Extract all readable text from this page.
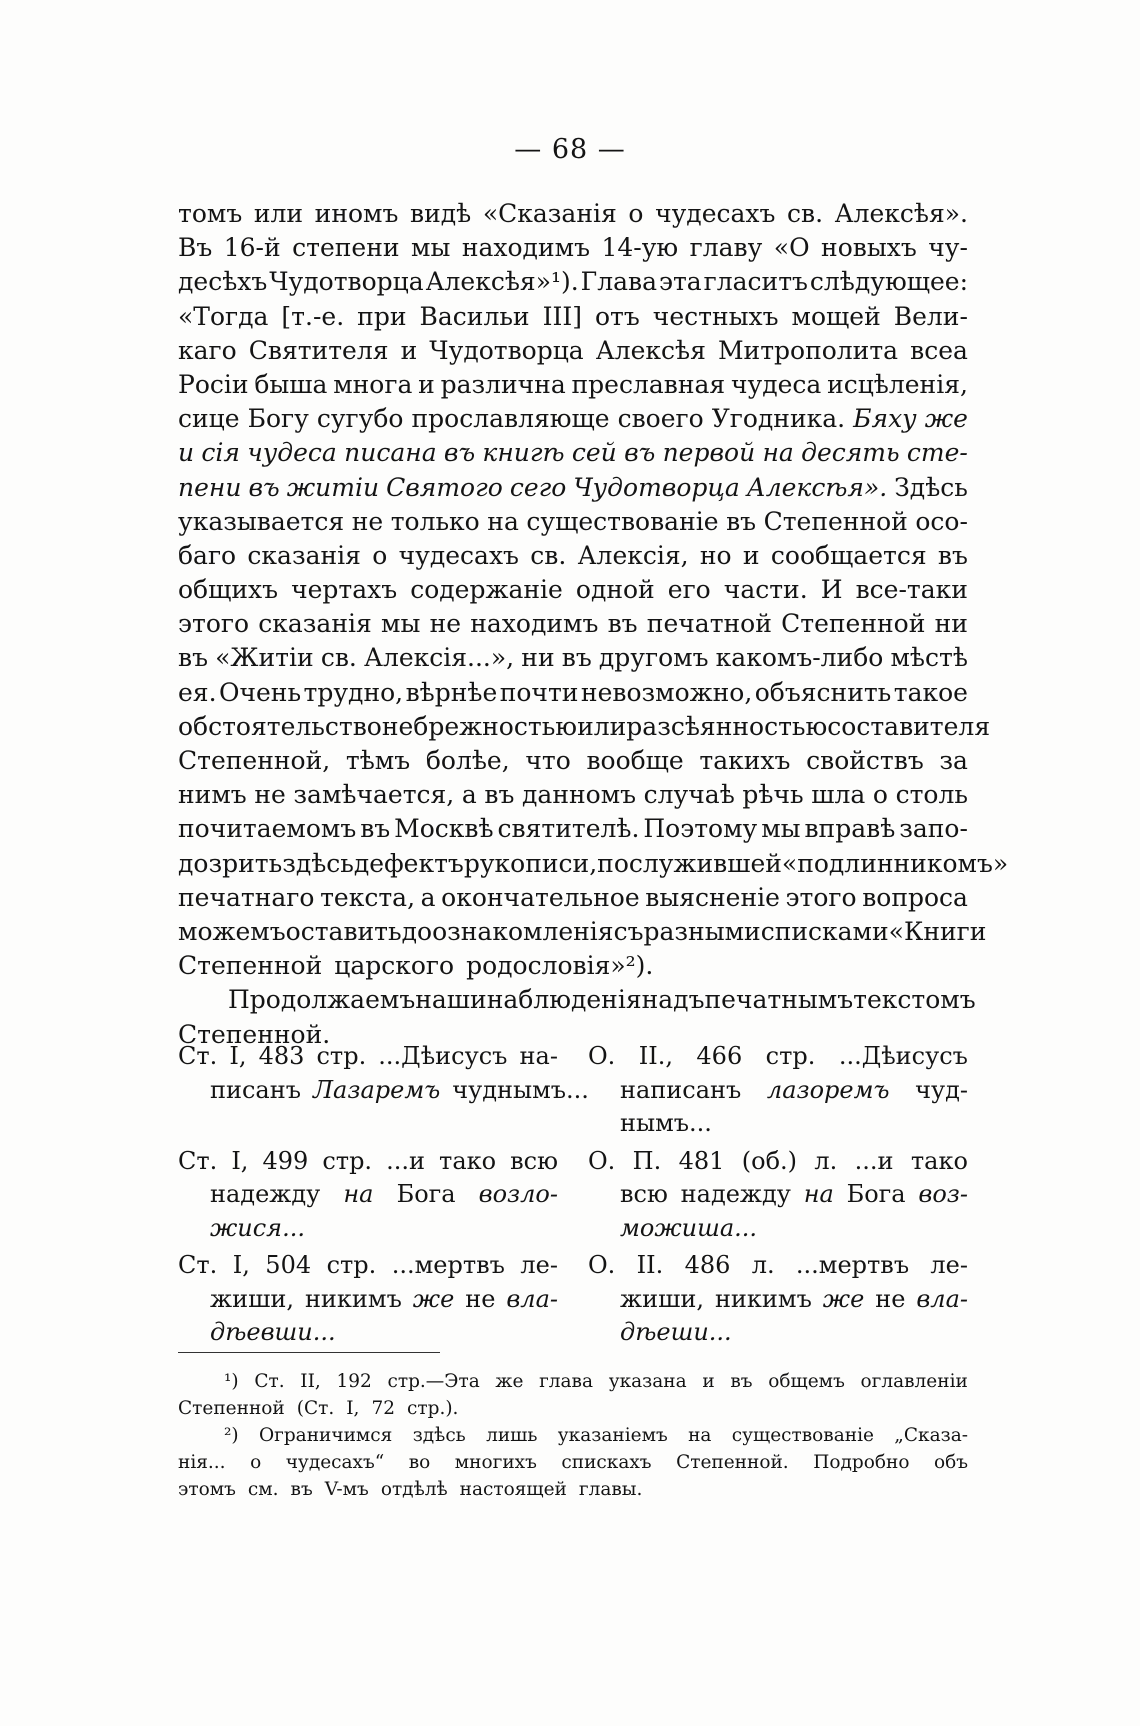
— 68 —
томъ или иномъ видѣ «Сказанія о чудесахъ св. Алексѣя».
Въ 16-й степени мы находимъ 14-ую главу «О новыхъ чу-
десѣхъ Чудотворца Алексѣя»¹). Глава эта гласитъ слѣдующее:
«Тогда [т.-е. при Васильи III] отъ честныхъ мощей Вели-
каго Святителя и Чудотворца Алексѣя Митрополита всеа
Росіи быша многа и различна преславная чудеса исцѣленія,
сице Богу сугубо прославляюще своего Угодника. Бяху же
и сія чудеса писана въ книгѣ сей въ первой на десять сте-
пени въ житіи Святого сего Чудотворца Алексѣя». Здѣсь
указывается не только на существованіе въ Степенной осо-
баго сказанія о чудесахъ св. Алексія, но и сообщается въ
общихъ чертахъ содержаніе одной его части. И все-таки
этого сказанія мы не находимъ въ печатной Степенной ни
въ «Житіи св. Алексія...», ни въ другомъ какомъ-либо мѣстѣ
ея. Очень трудно, вѣрнѣе почти невозможно, объяснить такое
обстоятельство небрежностью или разсѣянностью составителя
Степенной, тѣмъ болѣе, что вообще такихъ свойствъ за
нимъ не замѣчается, а въ данномъ случаѣ рѣчь шла о столь
почитаемомъ въ Москвѣ святителѣ. Поэтому мы вправѣ запо-
дозрить здѣсь дефектъ рукописи, послужившей «подлинникомъ»
печатнаго текста, а окончательное выясненіе этого вопроса
можемъ оставить до ознакомленія съ разными списками «Книги
Степенной царского родословія»²).
Продолжаемъ наши наблюденія надъ печатнымъ текстомъ
Степенной.
Ст. I, 483 стр. ...Дѣисусъ на-
писанъ Лазаремъ чуднымъ...
О. II., 466 стр. ...Дѣисусъ
написанъ лазоремъ чуд-
нымъ...
Ст. I, 499 стр. ...и тако всю
надежду на Бога возло-
жися...
О. П. 481 (об.) л. ...и тако
всю надежду на Бога воз-
можиша...
Ст. I, 504 стр. ...мертвъ ле-
жиши, никимъ же не вла-
дѣевши...
О. II. 486 л. ...мертвъ ле-
жиши, никимъ же не вла-
дѣеши...
¹) Ст. II, 192 стр.—Эта же глава указана и въ общемъ оглавленіи
Степенной (Ст. I, 72 стр.).
²) Ограничимся здѣсь лишь указаніемъ на существованіе „Сказа-
нія... о чудесахъ“ во многихъ спискахъ Степенной. Подробно объ
этомъ см. въ V-мъ отдѣлѣ настоящей главы.
